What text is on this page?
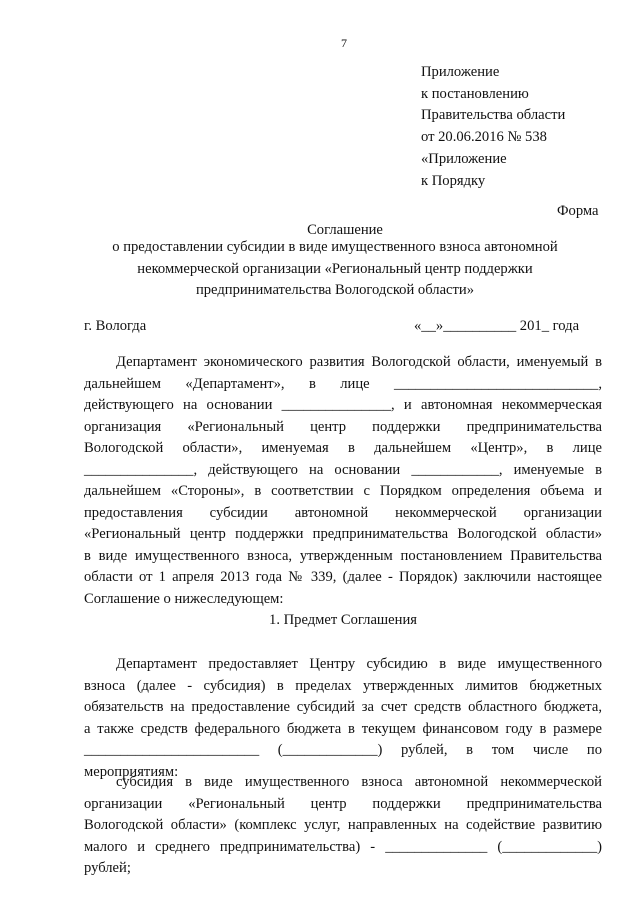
7
Приложение
к постановлению
Правительства области
от 20.06.2016 № 538
«Приложение
к Порядку
Форма
Соглашение
о предоставлении субсидии в виде имущественного взноса автономной
некоммерческой организации «Региональный центр поддержки
предпринимательства Вологодской области»
г. Вологда	«__»__________ 201_ года
Департамент экономического развития Вологодской области, именуемый в
дальнейшем «Департамент», в лице ____________________________,
действующего на основании _______________, и автономная некоммерческая
организация «Региональный центр поддержки предпринимательства
Вологодской области», именуемая в дальнейшем «Центр», в лице
_______________, действующего на основании ____________, именуемые в
дальнейшем «Стороны», в соответствии с Порядком определения объема и
предоставления субсидии автономной некоммерческой организации
«Региональный центр поддержки предпринимательства Вологодской области»
в виде имущественного взноса, утвержденным постановлением Правительства
области от 1 апреля 2013 года № 339, (далее - Порядок) заключили настоящее
Соглашение о нижеследующем:
1. Предмет Соглашения
Департамент предоставляет Центру субсидию в виде имущественного
взноса (далее - субсидия) в пределах утвержденных лимитов бюджетных
обязательств на предоставление субсидий за счет средств областного бюджета,
а также средств федерального бюджета в текущем финансовом году в размере
________________________ (_____________) рублей, в том числе по
мероприятиям:
субсидия в виде имущественного взноса автономной некоммерческой
организации «Региональный центр поддержки предпринимательства
Вологодской области» (комплекс услуг, направленных на содействие развитию
малого и среднего предпринимательства) - ______________ (_____________)
рублей;
